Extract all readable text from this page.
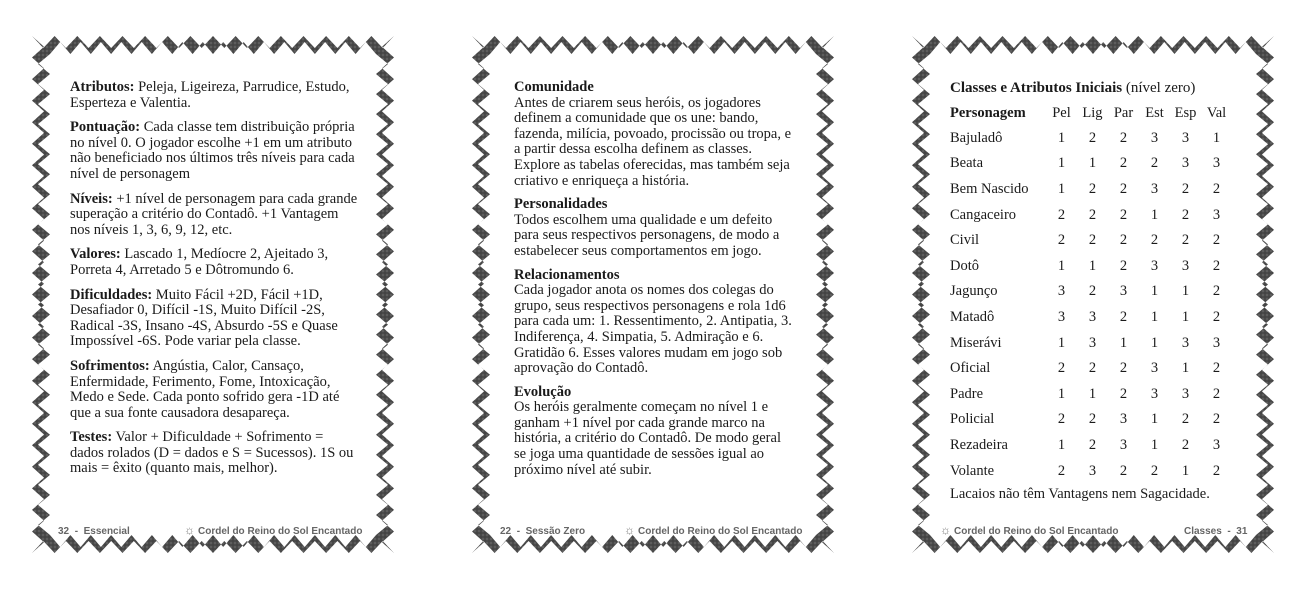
Atributos: Peleja, Ligeireza, Parrudice, Estudo, Esperteza e Valentia.

Pontuação: Cada classe tem distribuição própria no nível 0. O jogador escolhe +1 em um atributo não beneficiado nos últimos três níveis para cada nível de personagem

Níveis: +1 nível de personagem para cada grande superação a critério do Contadô. +1 Vantagem nos níveis 1, 3, 6, 9, 12, etc.

Valores: Lascado 1, Medíocre 2, Ajeitado 3, Porreta 4, Arretado 5 e Dôtromundo 6.

Dificuldades: Muito Fácil +2D, Fácil +1D, Desafiador 0, Difícil -1S, Muito Difícil -2S, Radical -3S, Insano -4S, Absurdo -5S e Quase Impossível -6S. Pode variar pela classe.

Sofrimentos: Angústia, Calor, Cansaço, Enfermidade, Ferimento, Fome, Intoxicação, Medo e Sede. Cada ponto sofrido gera -1D até que a sua fonte causadora desapareça.

Testes: Valor + Dificuldade + Sofrimento = dados rolados (D = dados e S = Sucessos). 1S ou mais = êxito (quanto mais, melhor).

32 - Essencial	☼ Cordel do Reino do Sol Encantado
Comunidade
Antes de criarem seus heróis, os jogadores definem a comunidade que os une: bando, fazenda, milícia, povoado, procissão ou tropa, e a partir dessa escolha definem as classes. Explore as tabelas oferecidas, mas também seja criativo e enriqueça a história.
Personalidades
Todos escolhem uma qualidade e um defeito para seus respectivos personagens, de modo a estabelecer seus comportamentos em jogo.
Relacionamentos
Cada jogador anota os nomes dos colegas do grupo, seus respectivos personagens e rola 1d6 para cada um: 1. Ressentimento, 2. Antipatia, 3. Indiferença, 4. Simpatia, 5. Admiração e 6. Gratidão 6. Esses valores mudam em jogo sob aprovação do Contadô.
Evolução
Os heróis geralmente começam no nível 1 e ganham +1 nível por cada grande marco na história, a critério do Contadô. De modo geral se joga uma quantidade de sessões igual ao próximo nível até subir.
22 - Sessão Zero	☼ Cordel do Reino do Sol Encantado
Classes e Atributos Iniciais (nível zero)
Personagem	Pel	Lig	Par	Est	Esp	Val
Bajuladô	1	2	2	3	3	1
Beata	1	1	2	2	3	3
Bem Nascido	1	2	2	3	2	2
Cangaceiro	2	2	2	1	2	3
Civil	2	2	2	2	2	2
Dotô	1	1	2	3	3	2
Jagunço	3	2	3	1	1	2
Matadô	3	3	2	1	1	2
Miserávi	1	3	1	1	3	3
Oficial	2	2	2	3	1	2
Padre	1	1	2	3	3	2
Policial	2	2	3	1	2	2
Rezadeira	1	2	3	1	2	3
Volante	2	3	2	2	1	2
Lacaios não têm Vantagens nem Sagacidade.
☼ Cordel do Reino do Sol Encantado	Classes - 31
